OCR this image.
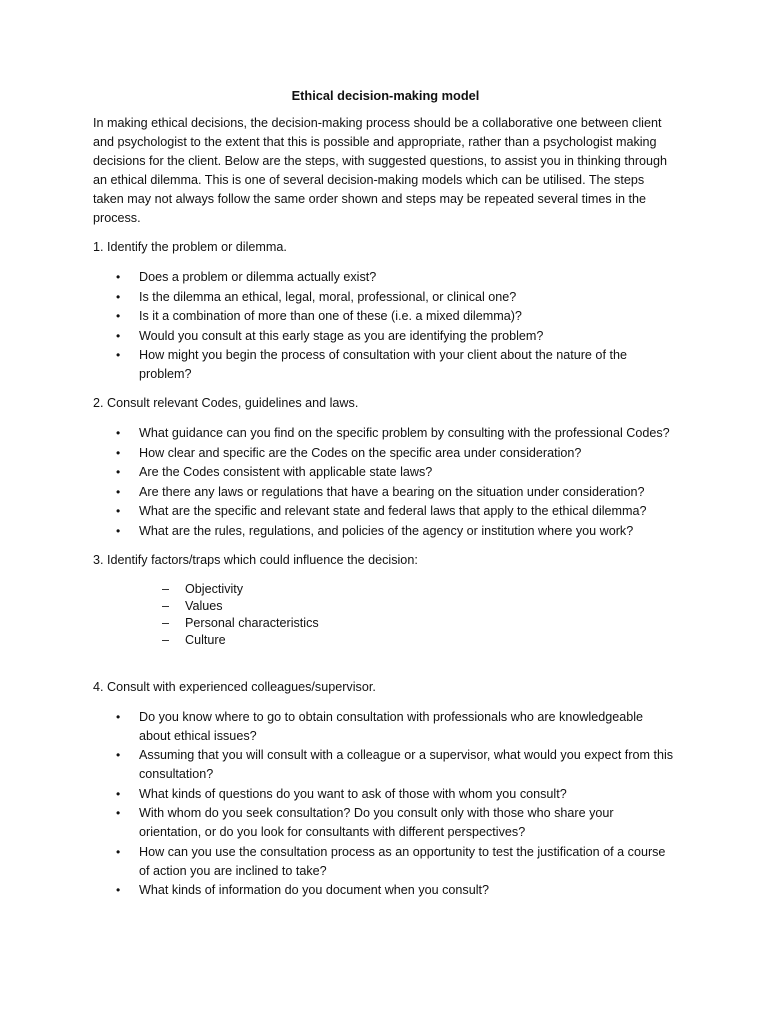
Ethical decision-making model

In making ethical decisions, the decision-making process should be a collaborative one between client and psychologist to the extent that this is possible and appropriate, rather than a psychologist making decisions for the client. Below are the steps, with suggested questions, to assist you in thinking through an ethical dilemma. This is one of several decision-making models which can be utilised. The steps taken may not always follow the same order shown and steps may be repeated several times in the process.

1. Identify the problem or dilemma.

• Does a problem or dilemma actually exist?
• Is the dilemma an ethical, legal, moral, professional, or clinical one?
• Is it a combination of more than one of these (i.e. a mixed dilemma)?
• Would you consult at this early stage as you are identifying the problem?
• How might you begin the process of consultation with your client about the nature of the problem?

2. Consult relevant Codes, guidelines and laws.

• What guidance can you find on the specific problem by consulting with the professional Codes?
• How clear and specific are the Codes on the specific area under consideration?
• Are the Codes consistent with applicable state laws?
• Are there any laws or regulations that have a bearing on the situation under consideration?
• What are the specific and relevant state and federal laws that apply to the ethical dilemma?
• What are the rules, regulations, and policies of the agency or institution where you work?

3. Identify factors/traps which could influence the decision:

– Objectivity
– Values
– Personal characteristics
– Culture

4. Consult with experienced colleagues/supervisor.

• Do you know where to go to obtain consultation with professionals who are knowledgeable about ethical issues?
• Assuming that you will consult with a colleague or a supervisor, what would you expect from this consultation?
• What kinds of questions do you want to ask of those with whom you consult?
• With whom do you seek consultation? Do you consult only with those who share your orientation, or do you look for consultants with different perspectives?
• How can you use the consultation process as an opportunity to test the justification of a course of action you are inclined to take?
• What kinds of information do you document when you consult?
